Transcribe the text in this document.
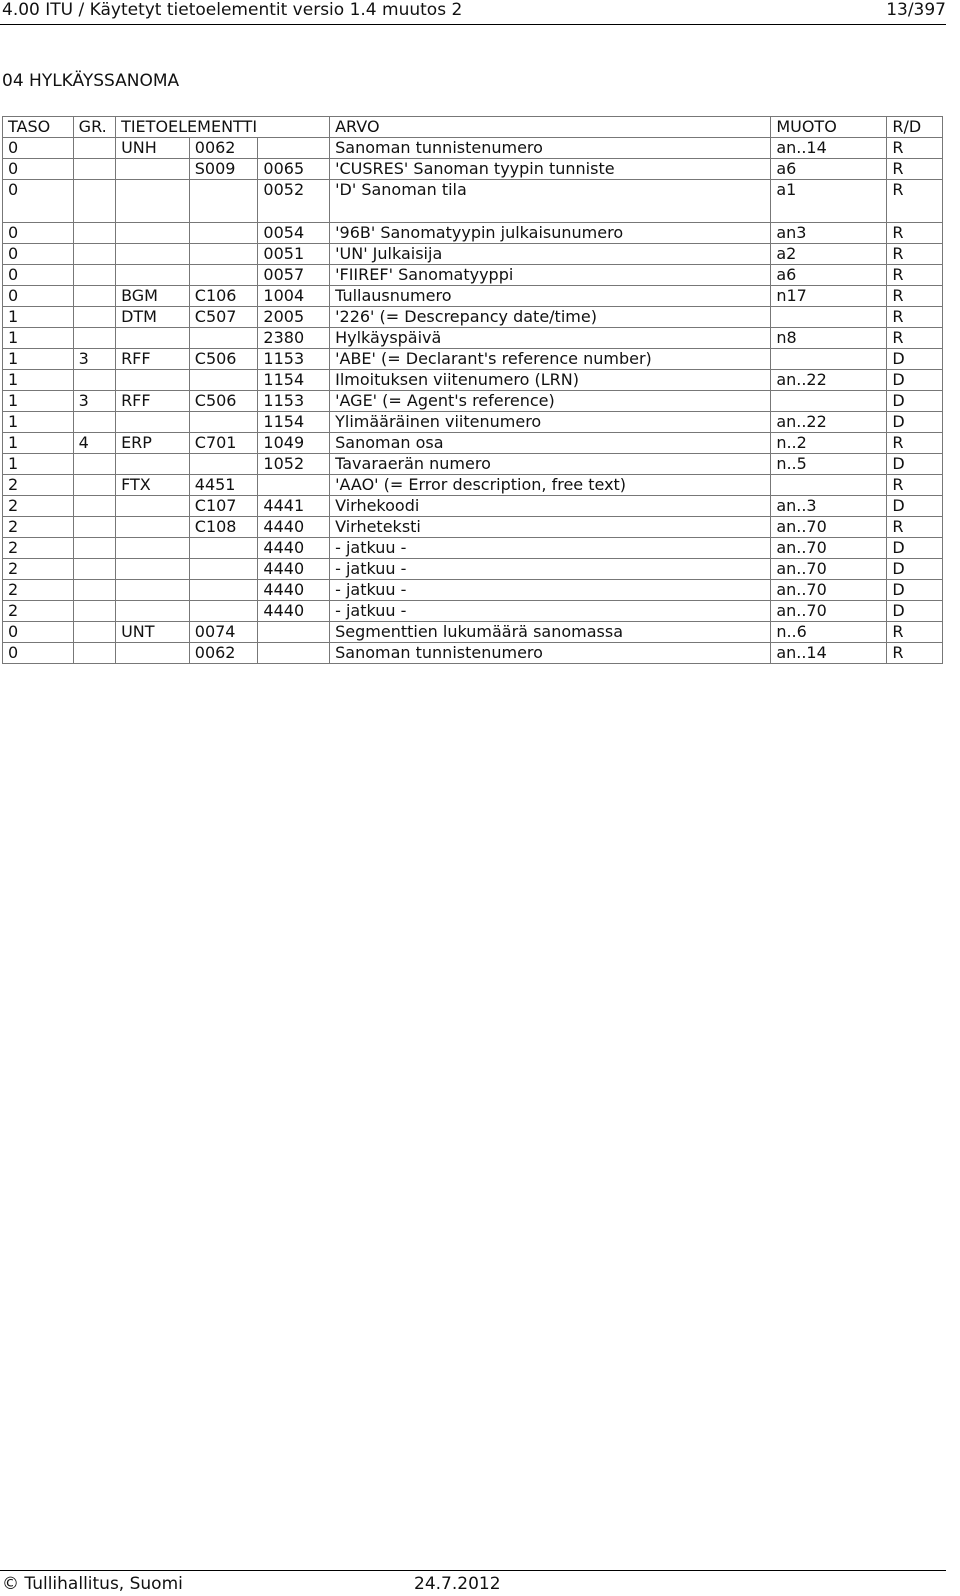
4.00 ITU / Käytetyt tietoelementit versio 1.4 muutos 2	13/397
04 HYLKÄYSSANOMA
TASO	GR.	TIETOELEMENTTI			ARVO	MUOTO	R/D
0		UNH	0062		Sanoman tunnistenumero	an..14	R
0			S009	0065	'CUSRES' Sanoman tyypin tunniste	a6	R
0				0052	'D' Sanoman tila	a1	R
0				0054	'96B' Sanomatyypin julkaisunumero	an3	R
0				0051	'UN' Julkaisija	a2	R
0				0057	'FIIREF' Sanomatyyppi	a6	R
0		BGM	C106	1004	Tullausnumero	n17	R
1		DTM	C507	2005	'226' (= Descrepancy date/time)		R
1				2380	Hylkäyspäivä	n8	R
1	3	RFF	C506	1153	'ABE' (= Declarant's reference number)		D
1				1154	Ilmoituksen viitenumero (LRN)	an..22	D
1	3	RFF	C506	1153	'AGE' (= Agent's reference)		D
1				1154	Ylimääräinen viitenumero	an..22	D
1	4	ERP	C701	1049	Sanoman osa	n..2	R
1				1052	Tavaraerän numero	n..5	D
2		FTX	4451		'AAO' (= Error description, free text)		R
2			C107	4441	Virhekoodi	an..3	D
2			C108	4440	Virheteksti	an..70	R
2				4440	- jatkuu -	an..70	D
2				4440	- jatkuu -	an..70	D
2				4440	- jatkuu -	an..70	D
2				4440	- jatkuu -	an..70	D
0		UNT	0074		Segmenttien lukumäärä sanomassa	n..6	R
0			0062		Sanoman tunnistenumero	an..14	R
© Tullihallitus, Suomi	24.7.2012
